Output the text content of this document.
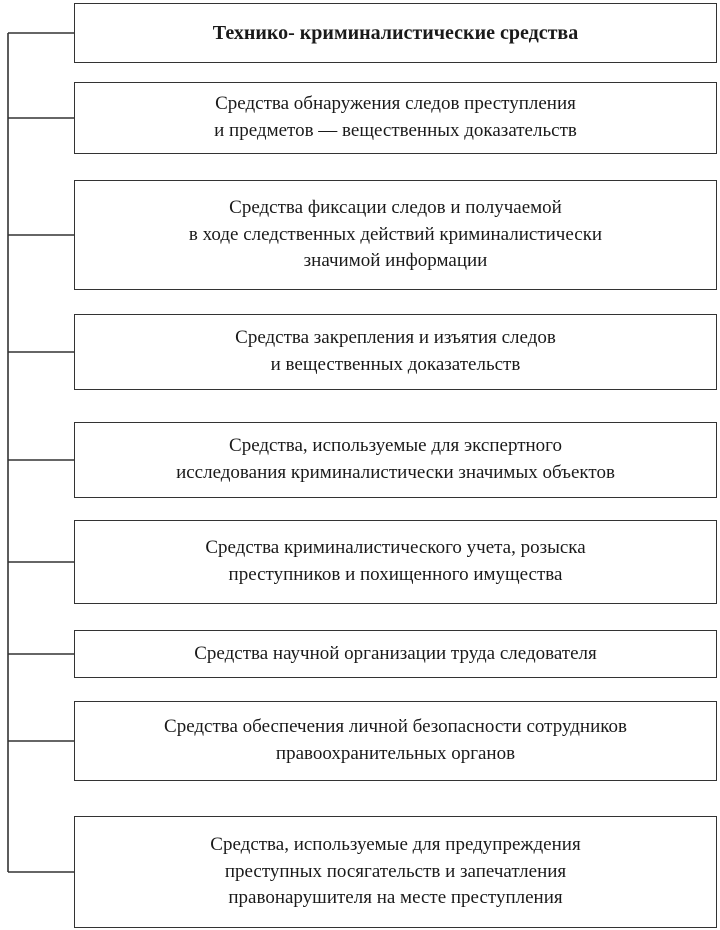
Технико- криминалистические средства
Средства обнаружения следов преступления
и предметов — вещественных доказательств
Средства фиксации следов и получаемой
в ходе следственных действий криминалистически
значимой информации
Средства закрепления и изъятия следов
и вещественных доказательств
Средства, используемые для экспертного
исследования криминалистически значимых объектов
Средства криминалистического учета, розыска
преступников и похищенного имущества
Средства научной организации труда следователя
Средства обеспечения личной безопасности сотрудников
правоохранительных органов
Средства, используемые для предупреждения
преступных посягательств и запечатления
правонарушителя на месте преступления
